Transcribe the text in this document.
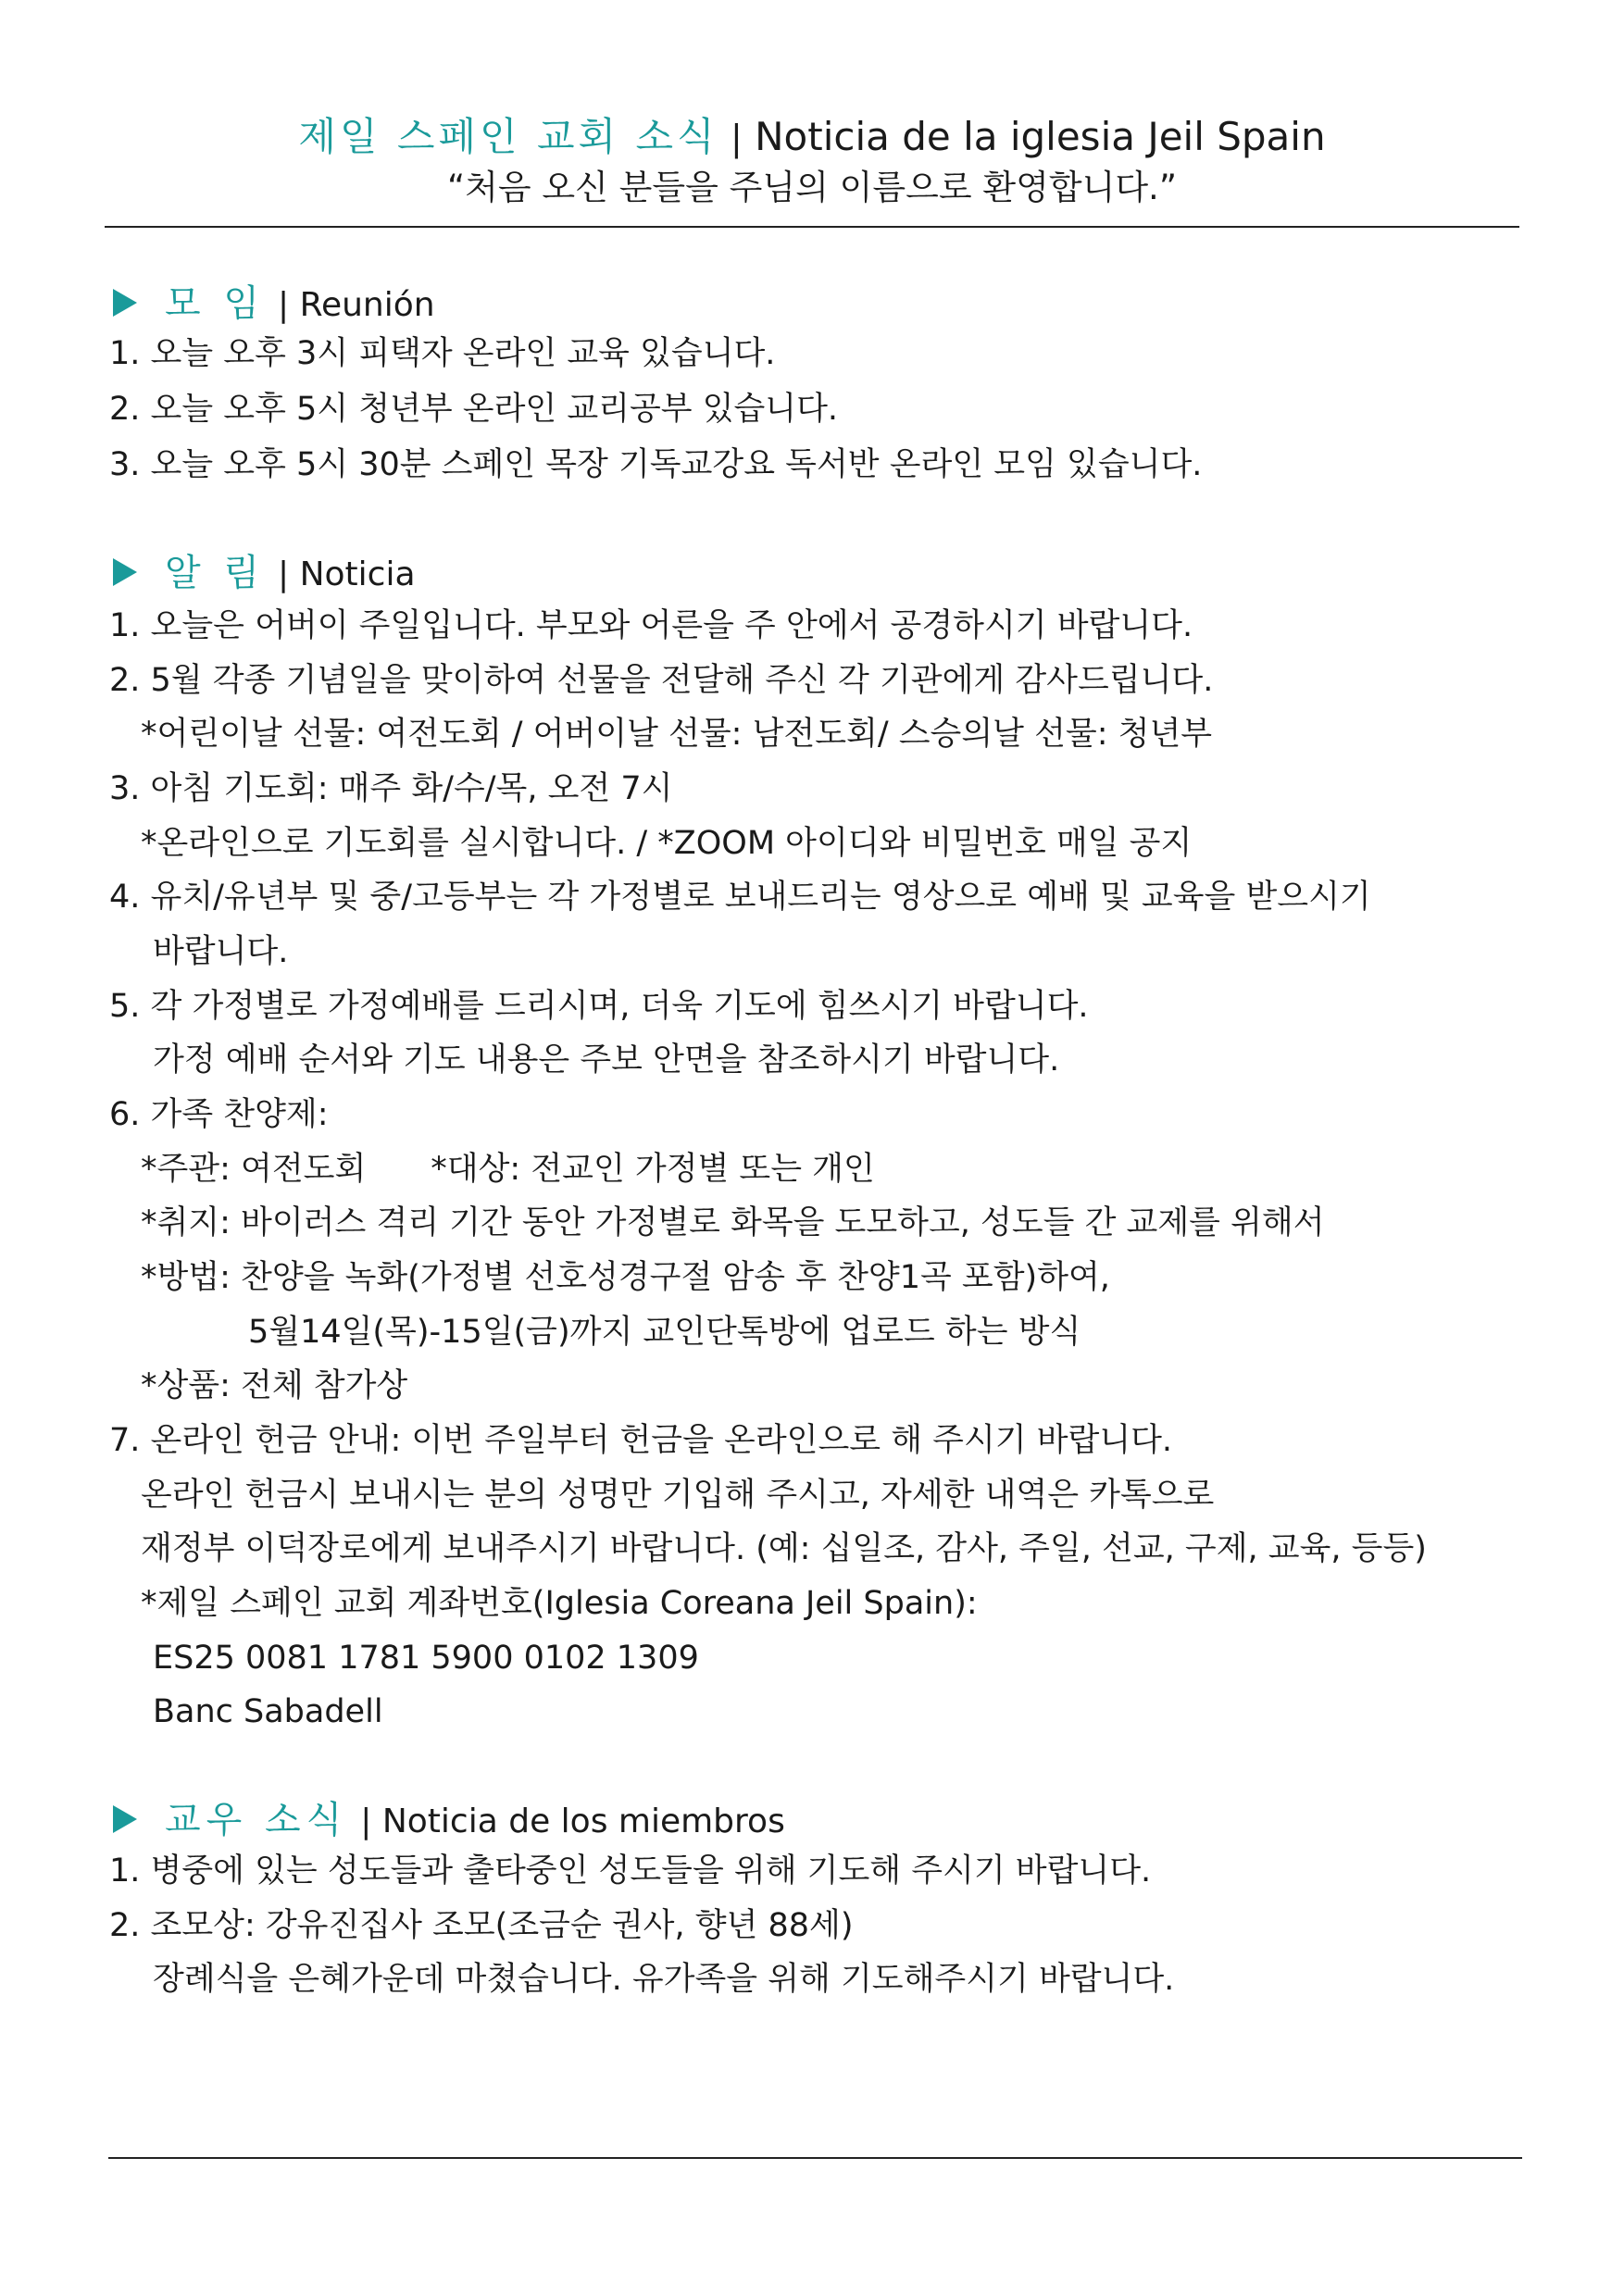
제일 스페인 교회 소식 | Noticia de la iglesia Jeil Spain
“처음 오신 분들을 주님의 이름으로 환영합니다.”
모 임 | Reunión
1. 오늘 오후 3시 피택자 온라인 교육 있습니다.
2. 오늘 오후 5시 청년부 온라인 교리공부 있습니다.
3. 오늘 오후 5시 30분 스페인 목장 기독교강요 독서반 온라인 모임 있습니다.
알 림 | Noticia
1. 오늘은 어버이 주일입니다. 부모와 어른을 주 안에서 공경하시기 바랍니다.
2. 5월 각종 기념일을 맞이하여 선물을 전달해 주신 각 기관에게 감사드립니다.
*어린이날 선물: 여전도회 / 어버이날 선물: 남전도회/ 스승의날 선물: 청년부
3. 아침 기도회: 매주 화/수/목, 오전 7시
*온라인으로 기도회를 실시합니다. / *ZOOM 아이디와 비밀번호 매일 공지
4. 유치/유년부 및 중/고등부는 각 가정별로 보내드리는 영상으로 예배 및 교육을 받으시기
바랍니다.
5. 각 가정별로 가정예배를 드리시며, 더욱 기도에 힘쓰시기 바랍니다.
가정 예배 순서와 기도 내용은 주보 안면을 참조하시기 바랍니다.
6. 가족 찬양제:
*주관: 여전도회 *대상: 전교인 가정별 또는 개인
*취지: 바이러스 격리 기간 동안 가정별로 화목을 도모하고, 성도들 간 교제를 위해서
*방법: 찬양을 녹화(가정별 선호성경구절 암송 후 찬양1곡 포함)하여,
5월14일(목)-15일(금)까지 교인단톡방에 업로드 하는 방식
*상품: 전체 참가상
7. 온라인 헌금 안내: 이번 주일부터 헌금을 온라인으로 해 주시기 바랍니다.
온라인 헌금시 보내시는 분의 성명만 기입해 주시고, 자세한 내역은 카톡으로
재정부 이덕장로에게 보내주시기 바랍니다. (예: 십일조, 감사, 주일, 선교, 구제, 교육, 등등)
*제일 스페인 교회 계좌번호(Iglesia Coreana Jeil Spain):
ES25 0081 1781 5900 0102 1309
Banc Sabadell
교우 소식 | Noticia de los miembros
1. 병중에 있는 성도들과 출타중인 성도들을 위해 기도해 주시기 바랍니다.
2. 조모상: 강유진집사 조모(조금순 권사, 향년 88세)
장례식을 은혜가운데 마쳤습니다. 유가족을 위해 기도해주시기 바랍니다.
